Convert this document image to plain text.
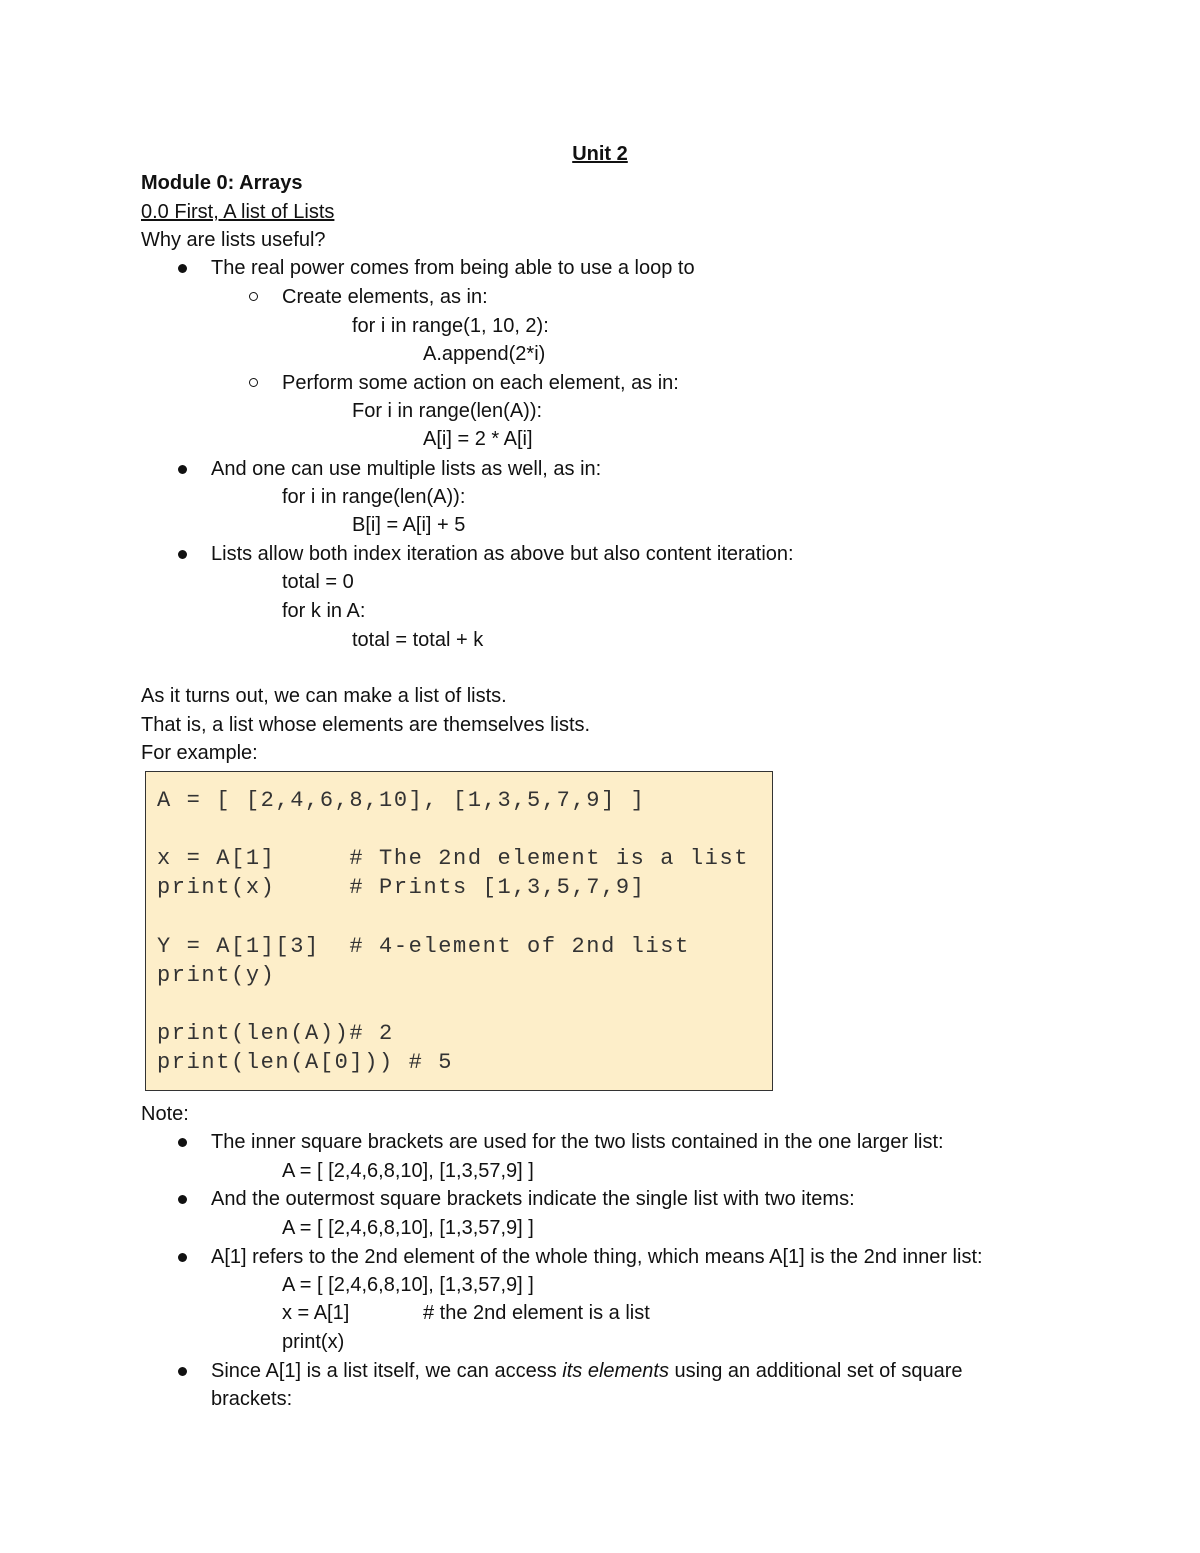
Unit 2
Module 0: Arrays
0.0 First, A list of Lists
Why are lists useful?
The real power comes from being able to use a loop to
Create elements, as in:
for i in range(1, 10, 2):
A.append(2*i)
Perform some action on each element, as in:
For i in range(len(A)):
A[i] = 2 * A[i]
And one can use multiple lists as well, as in:
for i in range(len(A)):
B[i] = A[i] + 5
Lists allow both index iteration as above but also content iteration:
total = 0
for k in A:
total = total + k
As it turns out, we can make a list of lists.
That is, a list whose elements are themselves lists.
For example:
A = [ [2,4,6,8,10], [1,3,5,7,9] ]
x = A[1]     # The 2nd element is a list
print(x)     # Prints [1,3,5,7,9]
Y = A[1][3]  # 4-element of 2nd list
print(y)
print(len(A))# 2
print(len(A[0])) # 5
Note:
The inner square brackets are used for the two lists contained in the one larger list:
A = [ [2,4,6,8,10], [1,3,57,9] ]
And the outermost square brackets indicate the single list with two items:
A = [ [2,4,6,8,10], [1,3,57,9] ]
A[1] refers to the 2nd element of the whole thing, which means A[1] is the 2nd inner list:
A = [ [2,4,6,8,10], [1,3,57,9] ]
x = A[1]	# the 2nd element is a list
print(x)
Since A[1] is a list itself, we can access its elements using an additional set of square
brackets:
